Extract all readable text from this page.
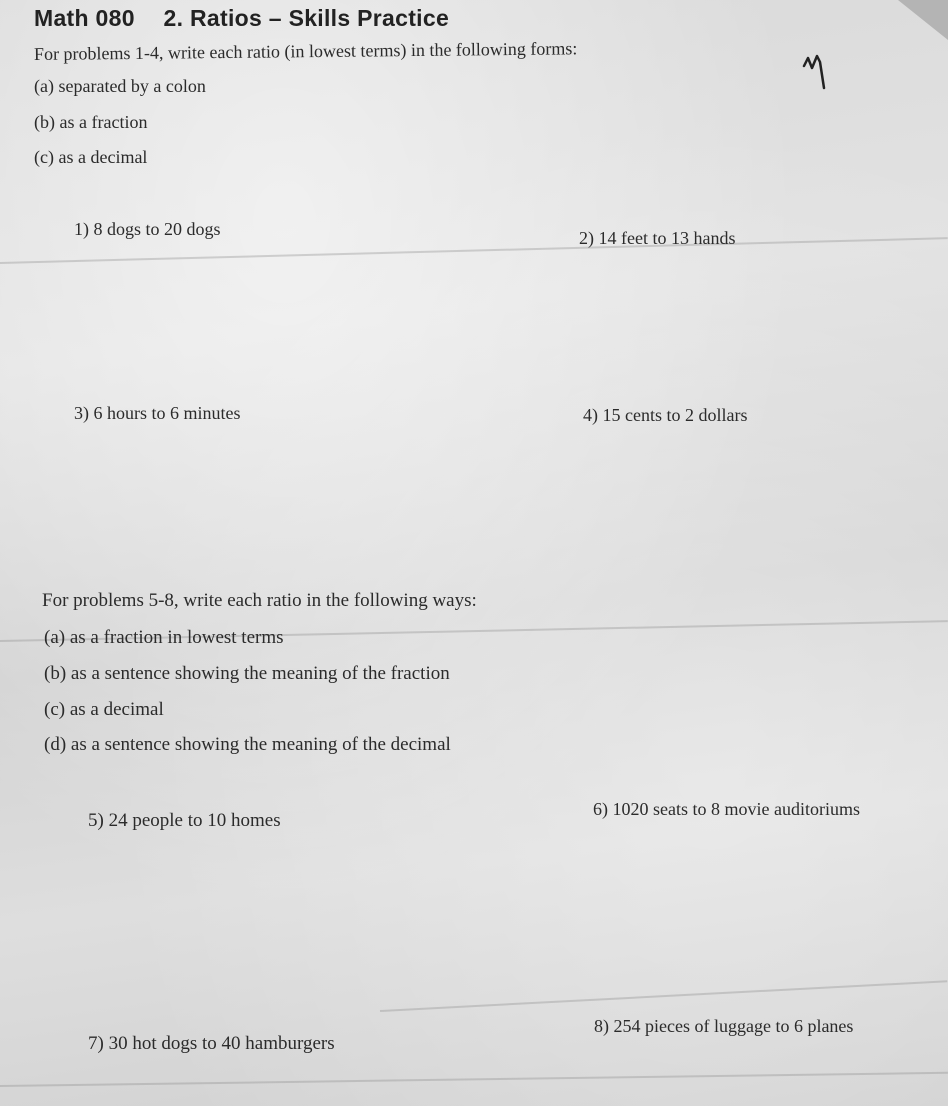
Math 080 2. Ratios – Skills Practice
For problems 1-4, write each ratio (in lowest terms) in the following forms:
(a) separated by a colon
(b) as a fraction
(c) as a decimal
1) 8 dogs to 20 dogs	2) 14 feet to 13 hands
3) 6 hours to 6 minutes	4) 15 cents to 2 dollars
For problems 5-8, write each ratio in the following ways:
(a) as a fraction in lowest terms
(b) as a sentence showing the meaning of the fraction
(c) as a decimal
(d) as a sentence showing the meaning of the decimal
5) 24 people to 10 homes
6) 1020 seats to 8 movie auditoriums
7) 30 hot dogs to 40 hamburgers
8) 254 pieces of luggage to 6 planes
